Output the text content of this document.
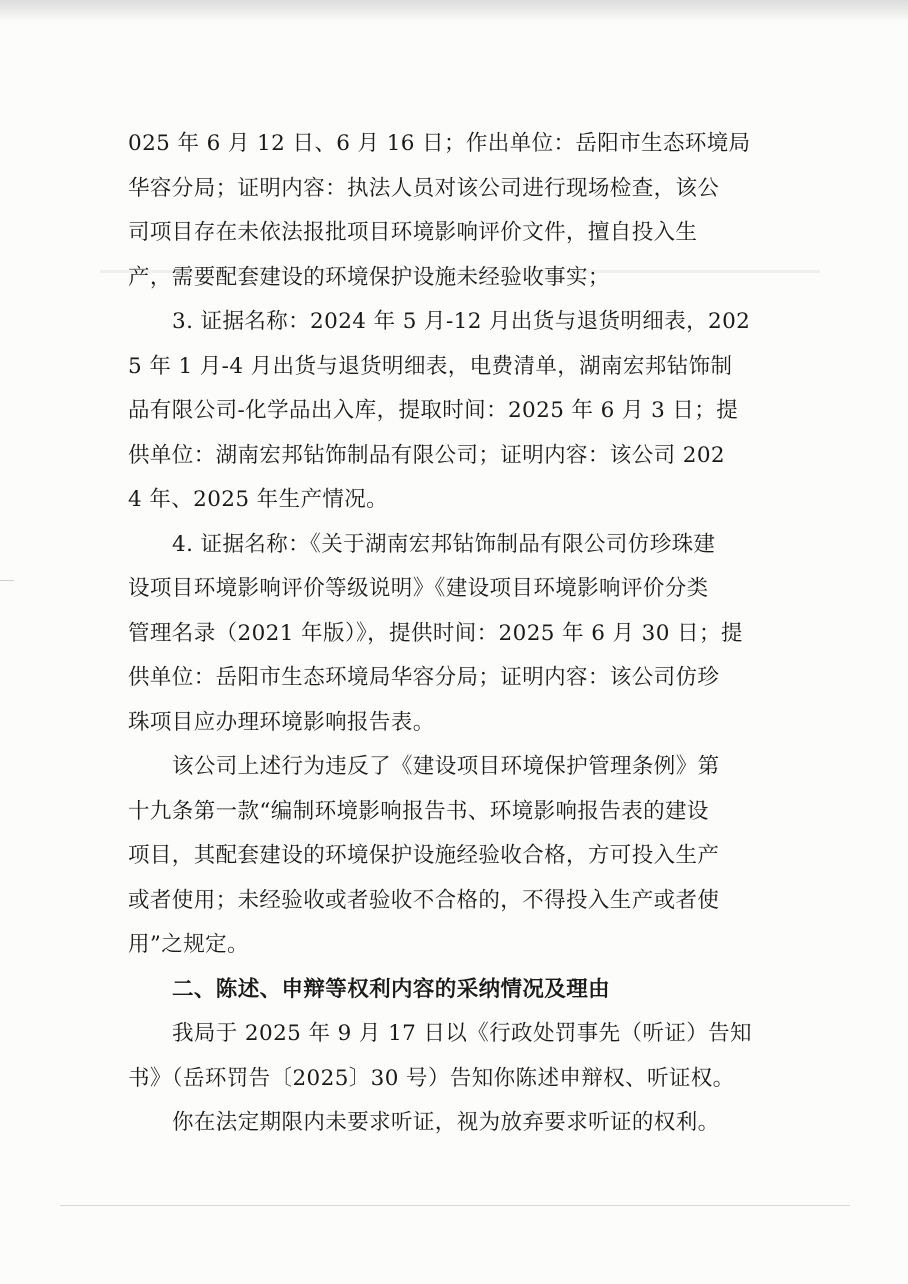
025 年 6 月 12 日、6 月 16 日；作出单位：岳阳市生态环境局
华容分局；证明内容：执法人员对该公司进行现场检查，该公
司项目存在未依法报批项目环境影响评价文件，擅自投入生
产，需要配套建设的环境保护设施未经验收事实；
3. 证据名称：2024 年 5 月-12 月出货与退货明细表，202
5 年 1 月-4 月出货与退货明细表，电费清单，湖南宏邦钻饰制
品有限公司-化学品出入库，提取时间：2025 年 6 月 3 日；提
供单位：湖南宏邦钻饰制品有限公司；证明内容：该公司 202
4 年、2025 年生产情况。
4. 证据名称：《关于湖南宏邦钻饰制品有限公司仿珍珠建
设项目环境影响评价等级说明》《建设项目环境影响评价分类
管理名录（2021 年版）》，提供时间：2025 年 6 月 30 日；提
供单位：岳阳市生态环境局华容分局；证明内容：该公司仿珍
珠项目应办理环境影响报告表。
该公司上述行为违反了《建设项目环境保护管理条例》第
十九条第一款“编制环境影响报告书、环境影响报告表的建设
项目，其配套建设的环境保护设施经验收合格，方可投入生产
或者使用；未经验收或者验收不合格的，不得投入生产或者使
用”之规定。
二、陈述、申辩等权利内容的采纳情况及理由
我局于 2025 年 9 月 17 日以《行政处罚事先（听证）告知
书》（岳环罚告〔2025〕30 号）告知你陈述申辩权、听证权。
你在法定期限内未要求听证，视为放弃要求听证的权利。
